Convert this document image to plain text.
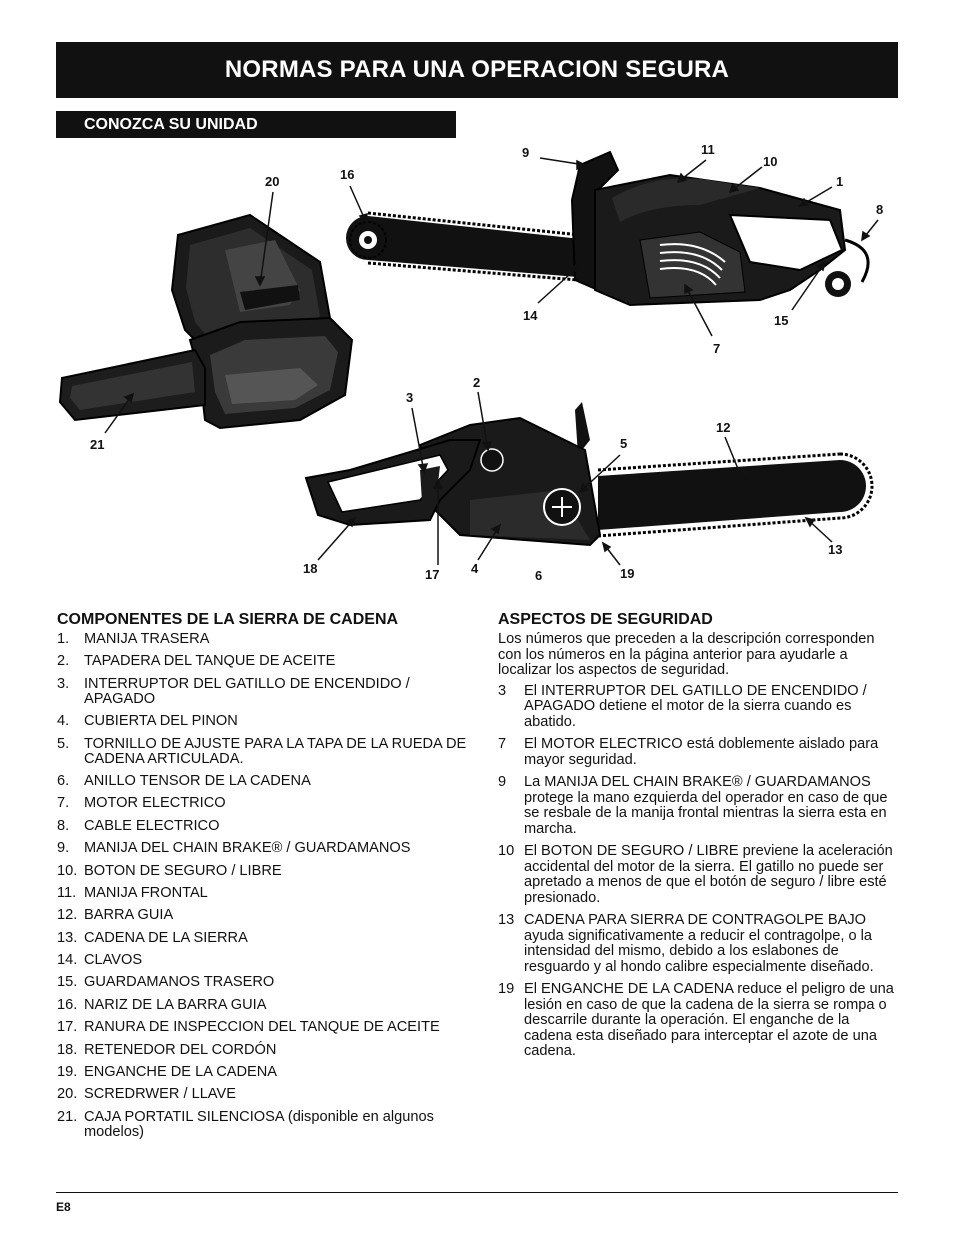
NORMAS PARA UNA OPERACION SEGURA
CONOZCA SU UNIDAD
9	11
10
1
8
16
20
14
7
15
21
3
2
5
12
13
19
6
4
17
18
COMPONENTES DE LA SIERRA DE CADENA
1.	MANIJA TRASERA
2.	TAPADERA DEL TANQUE DE ACEITE
3.	INTERRUPTOR DEL GATILLO DE ENCENDIDO / APAGADO
4.	CUBIERTA DEL PINON
5.	TORNILLO DE AJUSTE PARA LA TAPA DE LA RUEDA DE CADENA ARTICULADA.
6.	ANILLO TENSOR DE LA CADENA
7.	MOTOR ELECTRICO
8.	CABLE ELECTRICO
9.	MANIJA DEL CHAIN BRAKE® / GUARDAMANOS
10. BOTON DE SEGURO / LIBRE
11. MANIJA FRONTAL
12. BARRA GUIA
13. CADENA DE LA SIERRA
14. CLAVOS
15. GUARDAMANOS TRASERO
16. NARIZ DE LA BARRA GUIA
17. RANURA DE INSPECCION DEL TANQUE DE ACEITE
18. RETENEDOR DEL CORDÓN
19. ENGANCHE DE LA CADENA
20. SCREDRWER / LLAVE
21. CAJA PORTATIL SILENCIOSA (disponible en algunos modelos)
ASPECTOS DE SEGURIDAD

Los números que preceden a la descripción corresponden con los números en la página anterior para ayudarle a localizar los aspectos de seguridad.

3	El INTERRUPTOR DEL GATILLO DE ENCENDIDO / APAGADO detiene el motor de la sierra cuando es abatido.
7	El MOTOR ELECTRICO está doblemente aislado para mayor seguridad.
9	La MANIJA DEL CHAIN BRAKE® / GUARDAMANOS protege la mano ezquierda del operador en caso de que se resbale de la manija frontal mientras la sierra esta en marcha.
10 El BOTON DE SEGURO / LIBRE previene la aceleración accidental del motor de la sierra. El gatillo no puede ser apretado a menos de que el botón de seguro / libre esté presionado.
13 CADENA PARA SIERRA DE CONTRAGOLPE BAJO ayuda significativamente a reducir el contragolpe, o la intensidad del mismo, debido a los eslabones de resguardo y al hondo calibre especialmente diseñado.
19 El ENGANCHE DE LA CADENA reduce el peligro de una lesión en caso de que la cadena de la sierra se rompa o descarrile durante la operación. El enganche de la cadena esta diseñado para interceptar el azote de una cadena.
E8
